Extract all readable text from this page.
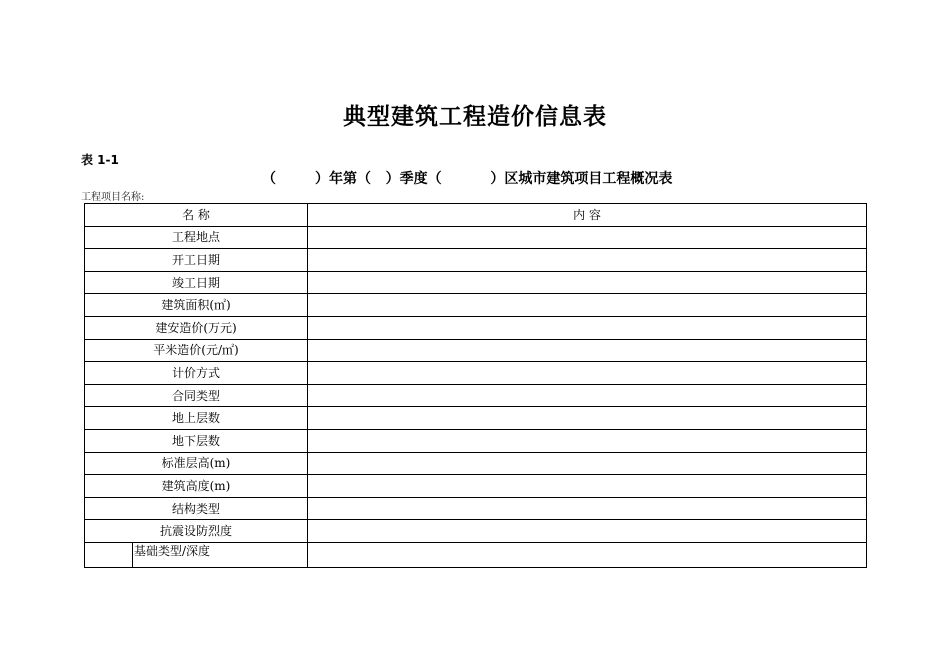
典型建筑工程造价信息表
表 1-1
（        ）年第（   ）季度（          ）区城市建筑项目工程概况表
工程项目名称:
名 称	内 容
工程地点	
开工日期	
竣工日期	
建筑面积(㎡)	
建安造价(万元)	
平米造价(元/㎡)	
计价方式	
合同类型	
地上层数	
地下层数	
标准层高(m)	
建筑高度(m)	
结构类型	
抗震设防烈度	

基础类型/深度	
